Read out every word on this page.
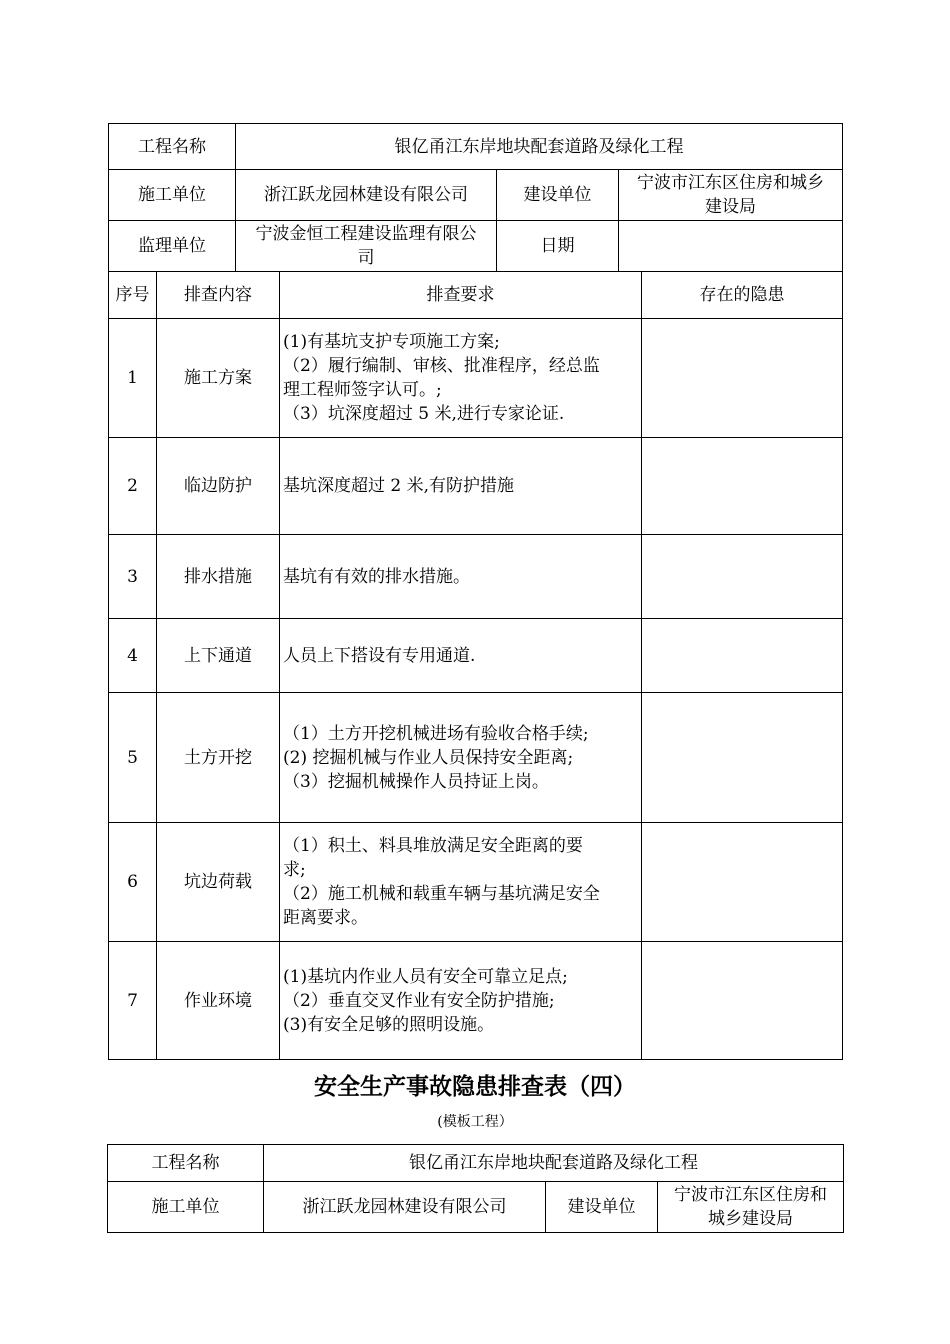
工程名称	银亿甬江东岸地块配套道路及绿化工程		
施工单位	浙江跃龙园林建设有限公司	建设单位	宁波市江东区住房和城乡
建设局

监理单位	宁波金恒工程建设监理有限公
司	日期	
序号	排查内容	排查要求	存在的隐患
1	施工方案	(1)有基坑支护专项施工方案;
（2）履行编制、审核、批准程序，经总监
理工程师签字认可。;
（3）坑深度超过 5 米,进行专家论证.	

2	临边防护	基坑深度超过 2 米,有防护措施	

3	排水措施	基坑有有效的排水措施。	

4	上下通道	人员上下搭设有专用通道.	

5	土方开挖	（1）土方开挖机械进场有验收合格手续;
(2) 挖掘机械与作业人员保持安全距离;
（3）挖掘机械操作人员持证上岗。	

6	坑边荷载	（1）积土、料具堆放满足安全距离的要
求;
（2）施工机械和载重车辆与基坑满足安全
距离要求。	

7	作业环境	(1)基坑内作业人员有安全可靠立足点;
（2）垂直交叉作业有安全防护措施;
(3)有安全足够的照明设施。	

安全生产事故隐患排查表（四）
(模板工程）
工程名称	银亿甬江东岸地块配套道路及绿化工程		
施工单位	浙江跃龙园林建设有限公司	建设单位	宁波市江东区住房和
城乡建设局
